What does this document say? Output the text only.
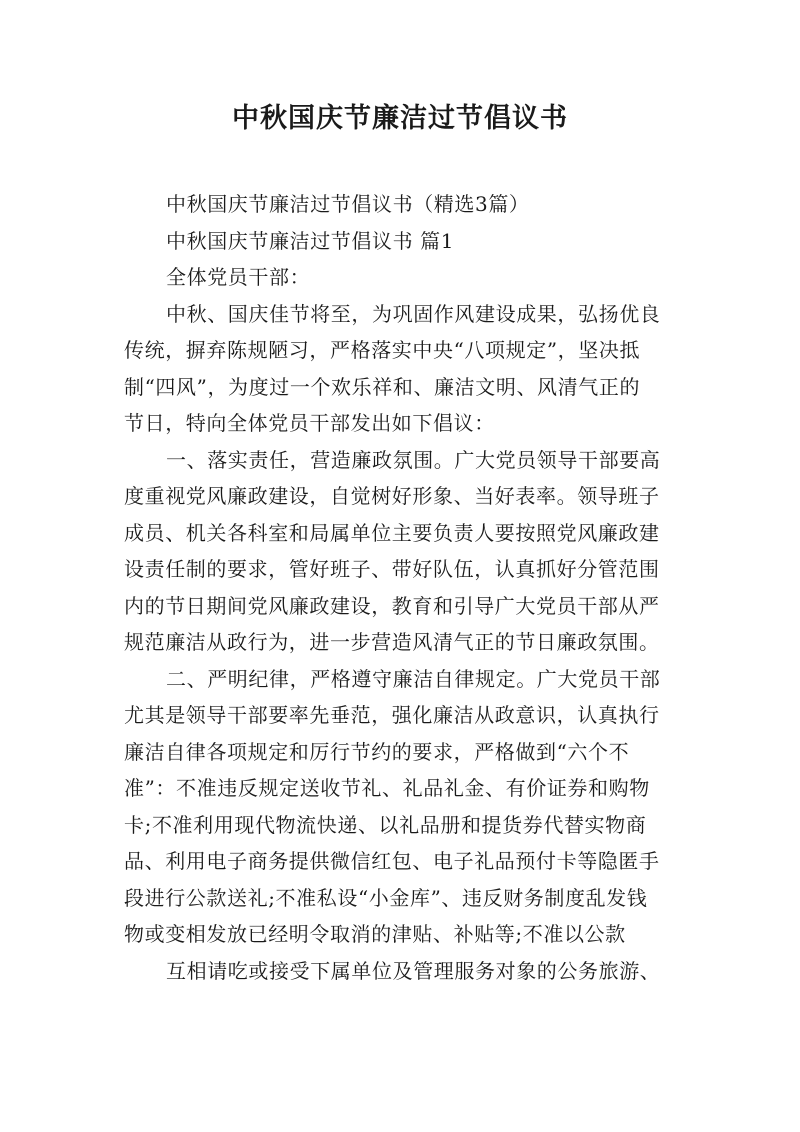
中秋国庆节廉洁过节倡议书
中秋国庆节廉洁过节倡议书（精选3篇）
中秋国庆节廉洁过节倡议书 篇1
全体党员干部：
中秋、国庆佳节将至，为巩固作风建设成果，弘扬优良
传统，摒弃陈规陋习，严格落实中央“八项规定”，坚决抵
制“四风”，为度过一个欢乐祥和、廉洁文明、风清气正的
节日，特向全体党员干部发出如下倡议：
一、落实责任，营造廉政氛围。广大党员领导干部要高
度重视党风廉政建设，自觉树好形象、当好表率。领导班子
成员、机关各科室和局属单位主要负责人要按照党风廉政建
设责任制的要求，管好班子、带好队伍，认真抓好分管范围
内的节日期间党风廉政建设，教育和引导广大党员干部从严
规范廉洁从政行为，进一步营造风清气正的节日廉政氛围。
二、严明纪律，严格遵守廉洁自律规定。广大党员干部
尤其是领导干部要率先垂范，强化廉洁从政意识，认真执行
廉洁自律各项规定和厉行节约的要求，严格做到“六个不
准”：不准违反规定送收节礼、礼品礼金、有价证券和购物
卡;不准利用现代物流快递、以礼品册和提货券代替实物商
品、利用电子商务提供微信红包、电子礼品预付卡等隐匿手
段进行公款送礼;不准私设“小金库”、违反财务制度乱发钱
物或变相发放已经明令取消的津贴、补贴等;不准以公款
互相请吃或接受下属单位及管理服务对象的公务旅游、
